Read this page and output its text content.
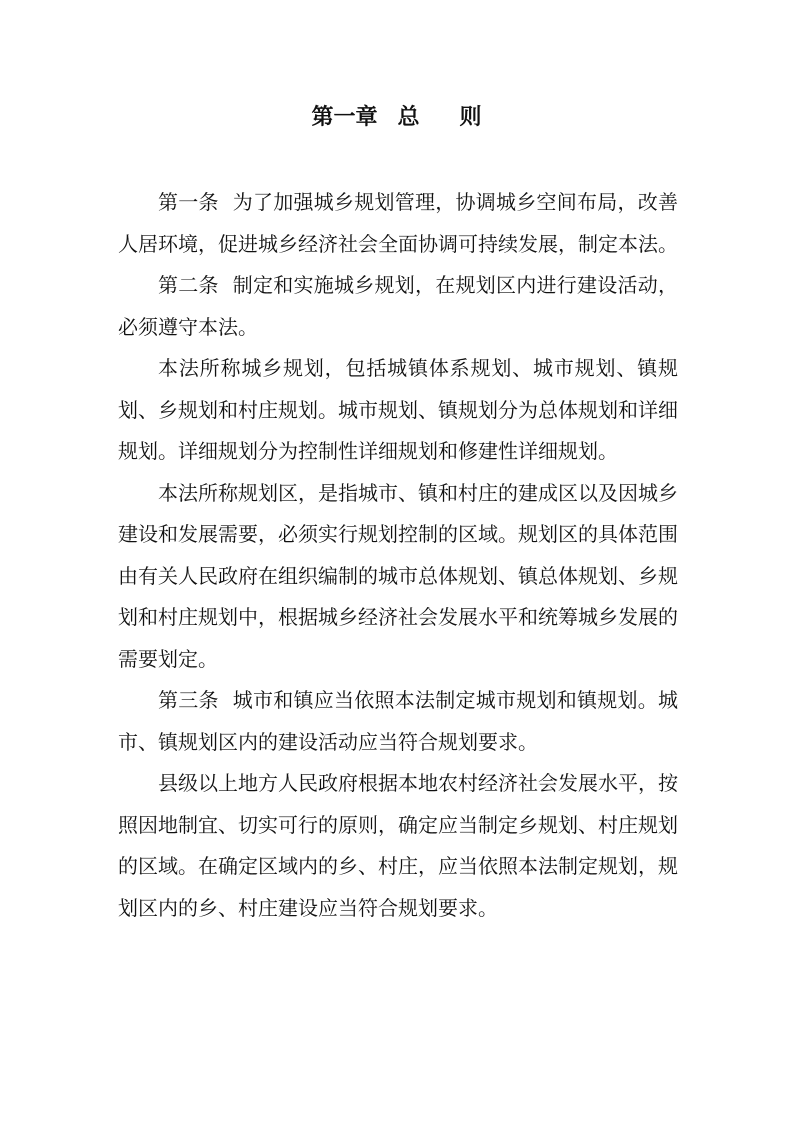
第一章 总 则

第一条 为了加强城乡规划管理，协调城乡空间布局，改善人居环境，促进城乡经济社会全面协调可持续发展，制定本法。

第二条 制定和实施城乡规划，在规划区内进行建设活动，必须遵守本法。

本法所称城乡规划，包括城镇体系规划、城市规划、镇规划、乡规划和村庄规划。城市规划、镇规划分为总体规划和详细规划。详细规划分为控制性详细规划和修建性详细规划。

本法所称规划区，是指城市、镇和村庄的建成区以及因城乡建设和发展需要，必须实行规划控制的区域。规划区的具体范围由有关人民政府在组织编制的城市总体规划、镇总体规划、乡规划和村庄规划中，根据城乡经济社会发展水平和统筹城乡发展的需要划定。

第三条 城市和镇应当依照本法制定城市规划和镇规划。城市、镇规划区内的建设活动应当符合规划要求。

县级以上地方人民政府根据本地农村经济社会发展水平，按照因地制宜、切实可行的原则，确定应当制定乡规划、村庄规划的区域。在确定区域内的乡、村庄，应当依照本法制定规划，规划区内的乡、村庄建设应当符合规划要求。
